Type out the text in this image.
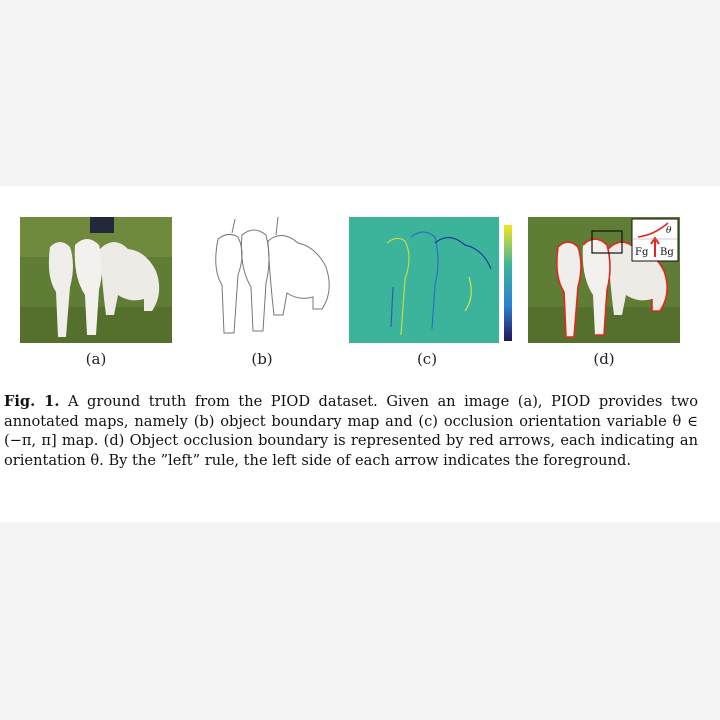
Fg Bg
θ
(a)	(b)	(c)	(d)
Fig. 1. A ground truth from the PIOD dataset. Given an image (a), PIOD provides two annotated maps, namely (b) object boundary map and (c) occlusion orientation variable θ ∈ (−π, π] map. (d) Object occlusion boundary is represented by red arrows, each indicating an orientation θ. By the ”left” rule, the left side of each arrow indicates the foreground.
